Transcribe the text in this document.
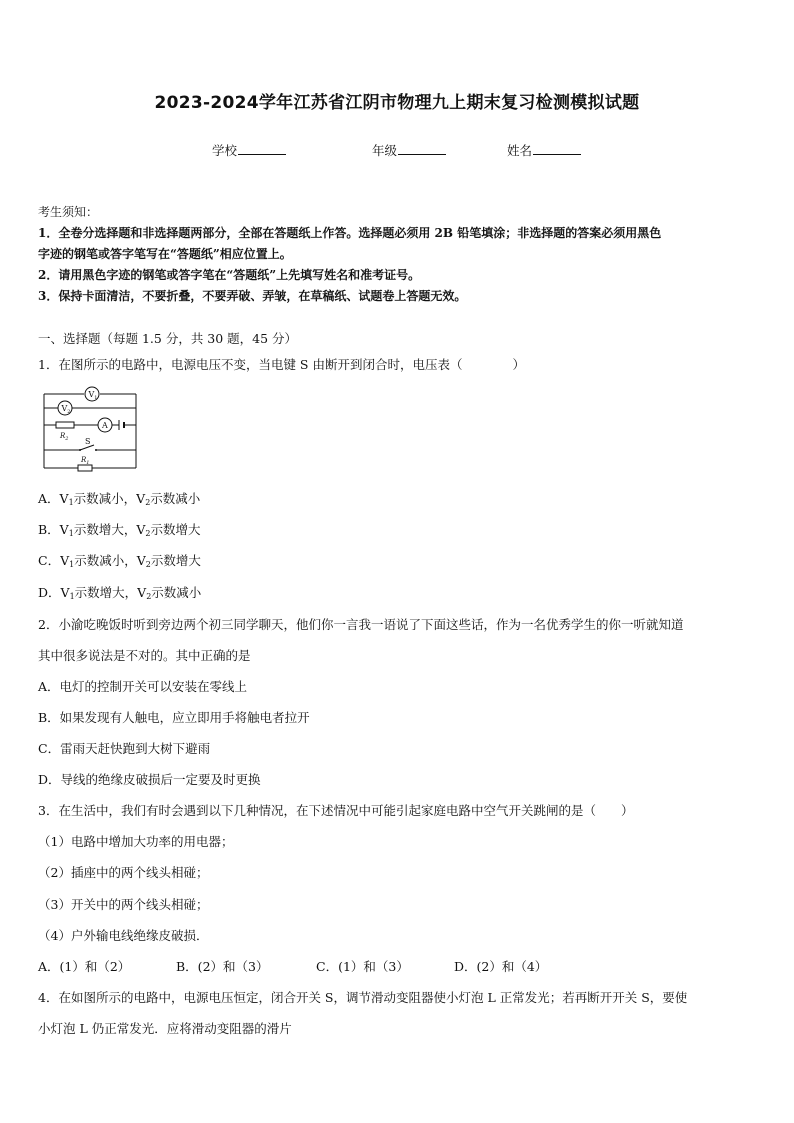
2023-2024学年江苏省江阴市物理九上期末复习检测模拟试题
学校	年级	姓名
考生须知：
1．全卷分选择题和非选择题两部分，全部在答题纸上作答。选择题必须用 2B 铅笔填涂；非选择题的答案必须用黑色
字迹的钢笔或答字笔写在“答题纸”相应位置上。
2．请用黑色字迹的钢笔或答字笔在“答题纸”上先填写姓名和准考证号。
3．保持卡面清洁，不要折叠，不要弄破、弄皱，在草稿纸、试题卷上答题无效。
一、选择题（每题 1.5 分，共 30 题，45 分）
1．在图所示的电路中，电源电压不变，当电键 S 由断开到闭合时，电压表（　　　　）
$V_1$
$V_2$
A
$R_2$ S
$R_1$
A．$V_1$示数减小，$V_2$示数减小
B．$V_1$示数增大，$V_2$示数增大
C．$V_1$示数减小，$V_2$示数增大
D．$V_1$示数增大，$V_2$示数减小
2．小渝吃晚饭时听到旁边两个初三同学聊天，他们你一言我一语说了下面这些话，作为一名优秀学生的你一听就知道
其中很多说法是不对的。其中正确的是
A．电灯的控制开关可以安装在零线上
B．如果发现有人触电，应立即用手将触电者拉开
C．雷雨天赶快跑到大树下避雨
D．导线的绝缘皮破损后一定要及时更换
3．在生活中，我们有时会遇到以下几种情况，在下述情况中可能引起家庭电路中空气开关跳闸的是（　　）
（1）电路中增加大功率的用电器；
（2）插座中的两个线头相碰；
（3）开关中的两个线头相碰；
（4）户外输电线绝缘皮破损．
A．(1）和（2）	B．(2）和（3）	C．(1）和（3）	D．(2）和（4）
4．在如图所示的电路中，电源电压恒定，闭合开关 S，调节滑动变阻器使小灯泡 L 正常发光；若再断开开关 S，要使
小灯泡 L 仍正常发光．应将滑动变阻器的滑片
